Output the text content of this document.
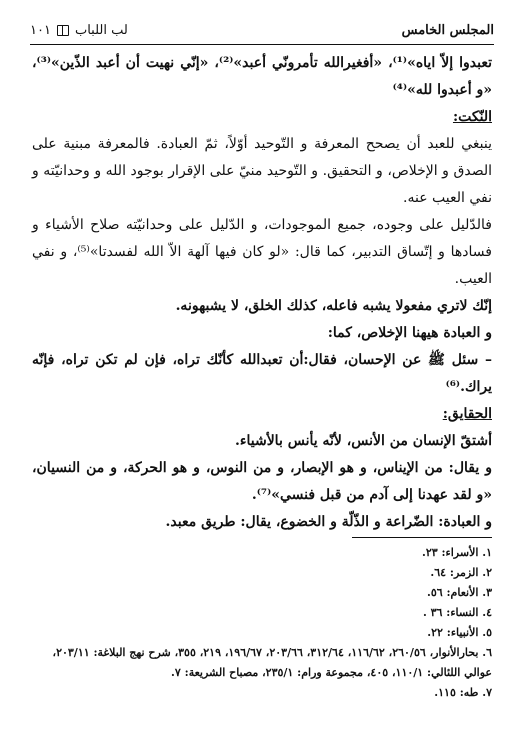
المجلس الخامس
لب اللباب
١٠١

تعبدوا إلاّ اياه»⁽¹⁾، «أفغيرالله تأمرونّي أعبد»⁽²⁾، «إنّي نهيت أن أعبد الذّين»⁽³⁾، «و أعبدوا لله»⁽⁴⁾

النّكت:

ينبغي للعبد أن يصحح المعرفة و التّوحيد أوّلاً، ثمّ العبادة. فالمعرفة مبنية على الصدق و الإخلاص، و التحقيق. و التّوحيد منيّ على الإقرار بوجود الله و وحدانيّته و نفي العيب عنه.

فالدّليل على وجوده، جميع الموجودات، و الدّليل على وحدانيّته صلاح الأشياء و فسادها و إتّساق التدبير، كما قال: «لو كان فيها آلهة الاّ الله لفسدتا»⁽⁵⁾، و نفي العيب.

إنّك لاتري مفعولا يشبه فاعله، كذلك الخلق، لا يشبهونه.

و العبادة هيهنا الإخلاص، كما:

– سئل ﷺ عن الإحسان، فقال:أن تعبدالله كأنّك تراه، فإن لم تكن تراه، فإنّه يراك.⁽⁶⁾

الحقايق:

أشتقّ الإنسان من الأنس، لأنّه يأنس بالأشياء.

و يقال: من الإيناس، و هو الإبصار، و من النوس، و هو الحركة، و من النسيان، «و لقد عهدنا إلى آدم من قبل فنسي»⁽⁷⁾.

و العبادة: الضّراعة و الذّلّة و الخضوع، يقال: طريق معبد.

١. الأسراء: ٢٣.
٢. الزمر: ٦٤.
٣. الأنعام: ٥٦.
٤. النساء: ٣٦ .
٥. الأنبياء: ٢٢.
٦. بحارالأنوار، ٢٦٠/٥٦، ١١٦/٦٢، ٣١٢/٦٤، ٢٠٣/٦٦، ١٩٦/٦٧، ٢١٩، ٣٥٥، شرح نهج البلاغة: ٢٠٣/١١، عوالي اللئالي: ١١٠/١، ٤٠٥، مجموعة ورام: ٢٣٥/١، مصباح الشريعة: ٧.
٧. طه: ١١٥.
